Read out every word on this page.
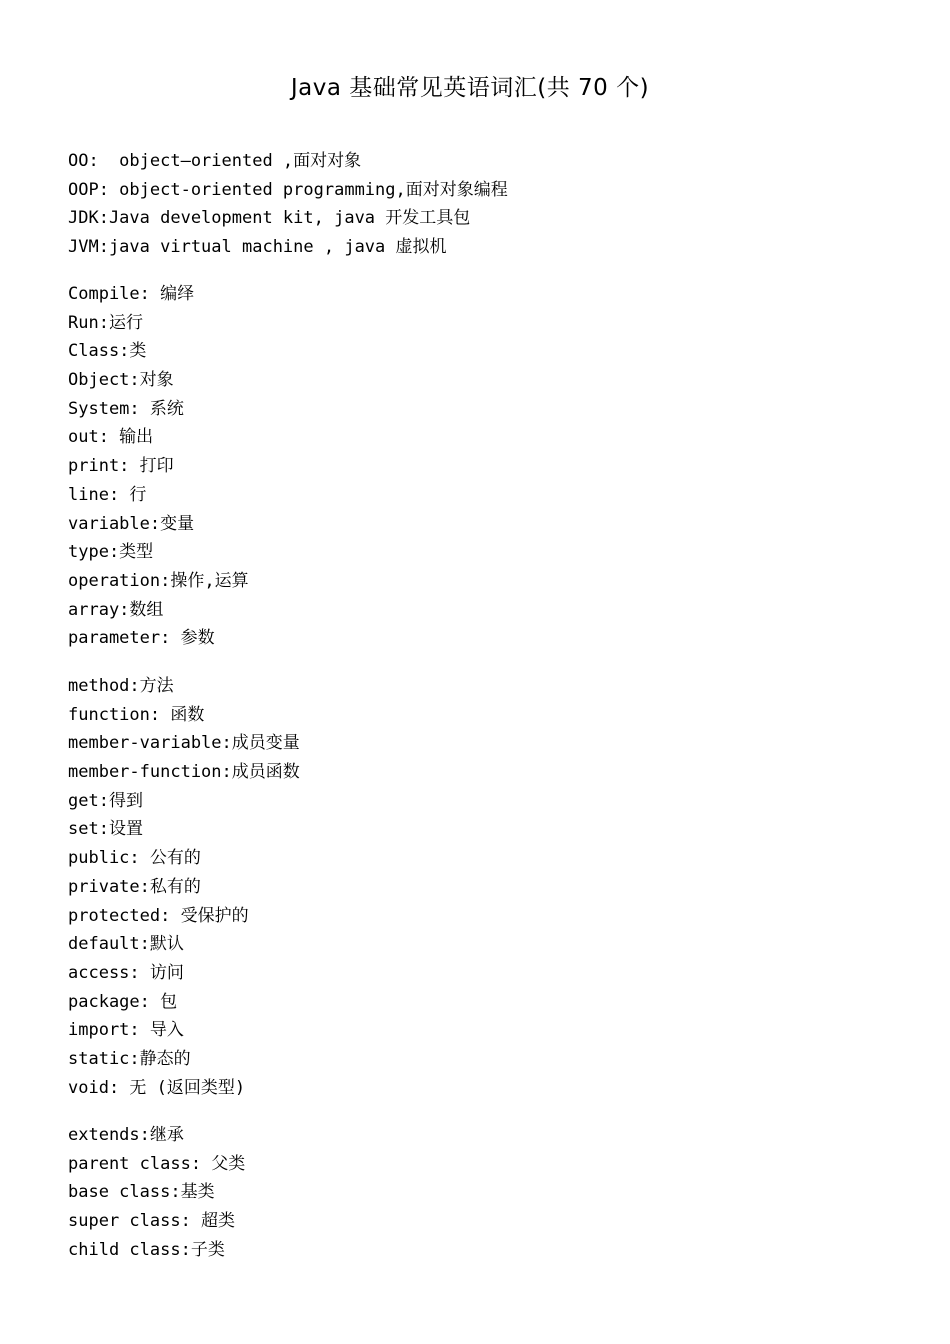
Java 基础常见英语词汇(共 70 个)
OO:  object—oriented ,面对对象
OOP: object-oriented programming,面对对象编程
JDK:Java development kit, java 开发工具包
JVM:java virtual machine , java 虚拟机
Compile: 编绎
Run:运行
Class:类
Object:对象
System: 系统
out: 输出
print: 打印
line: 行
variable:变量
type:类型
operation:操作,运算
array:数组
parameter: 参数
method:方法
function: 函数
member-variable:成员变量
member-function:成员函数
get:得到
set:设置
public: 公有的
private:私有的
protected: 受保护的
default:默认
access: 访问
package: 包
import: 导入
static:静态的
void: 无 (返回类型)
extends:继承
parent class: 父类
base class:基类
super class: 超类
child class:子类
